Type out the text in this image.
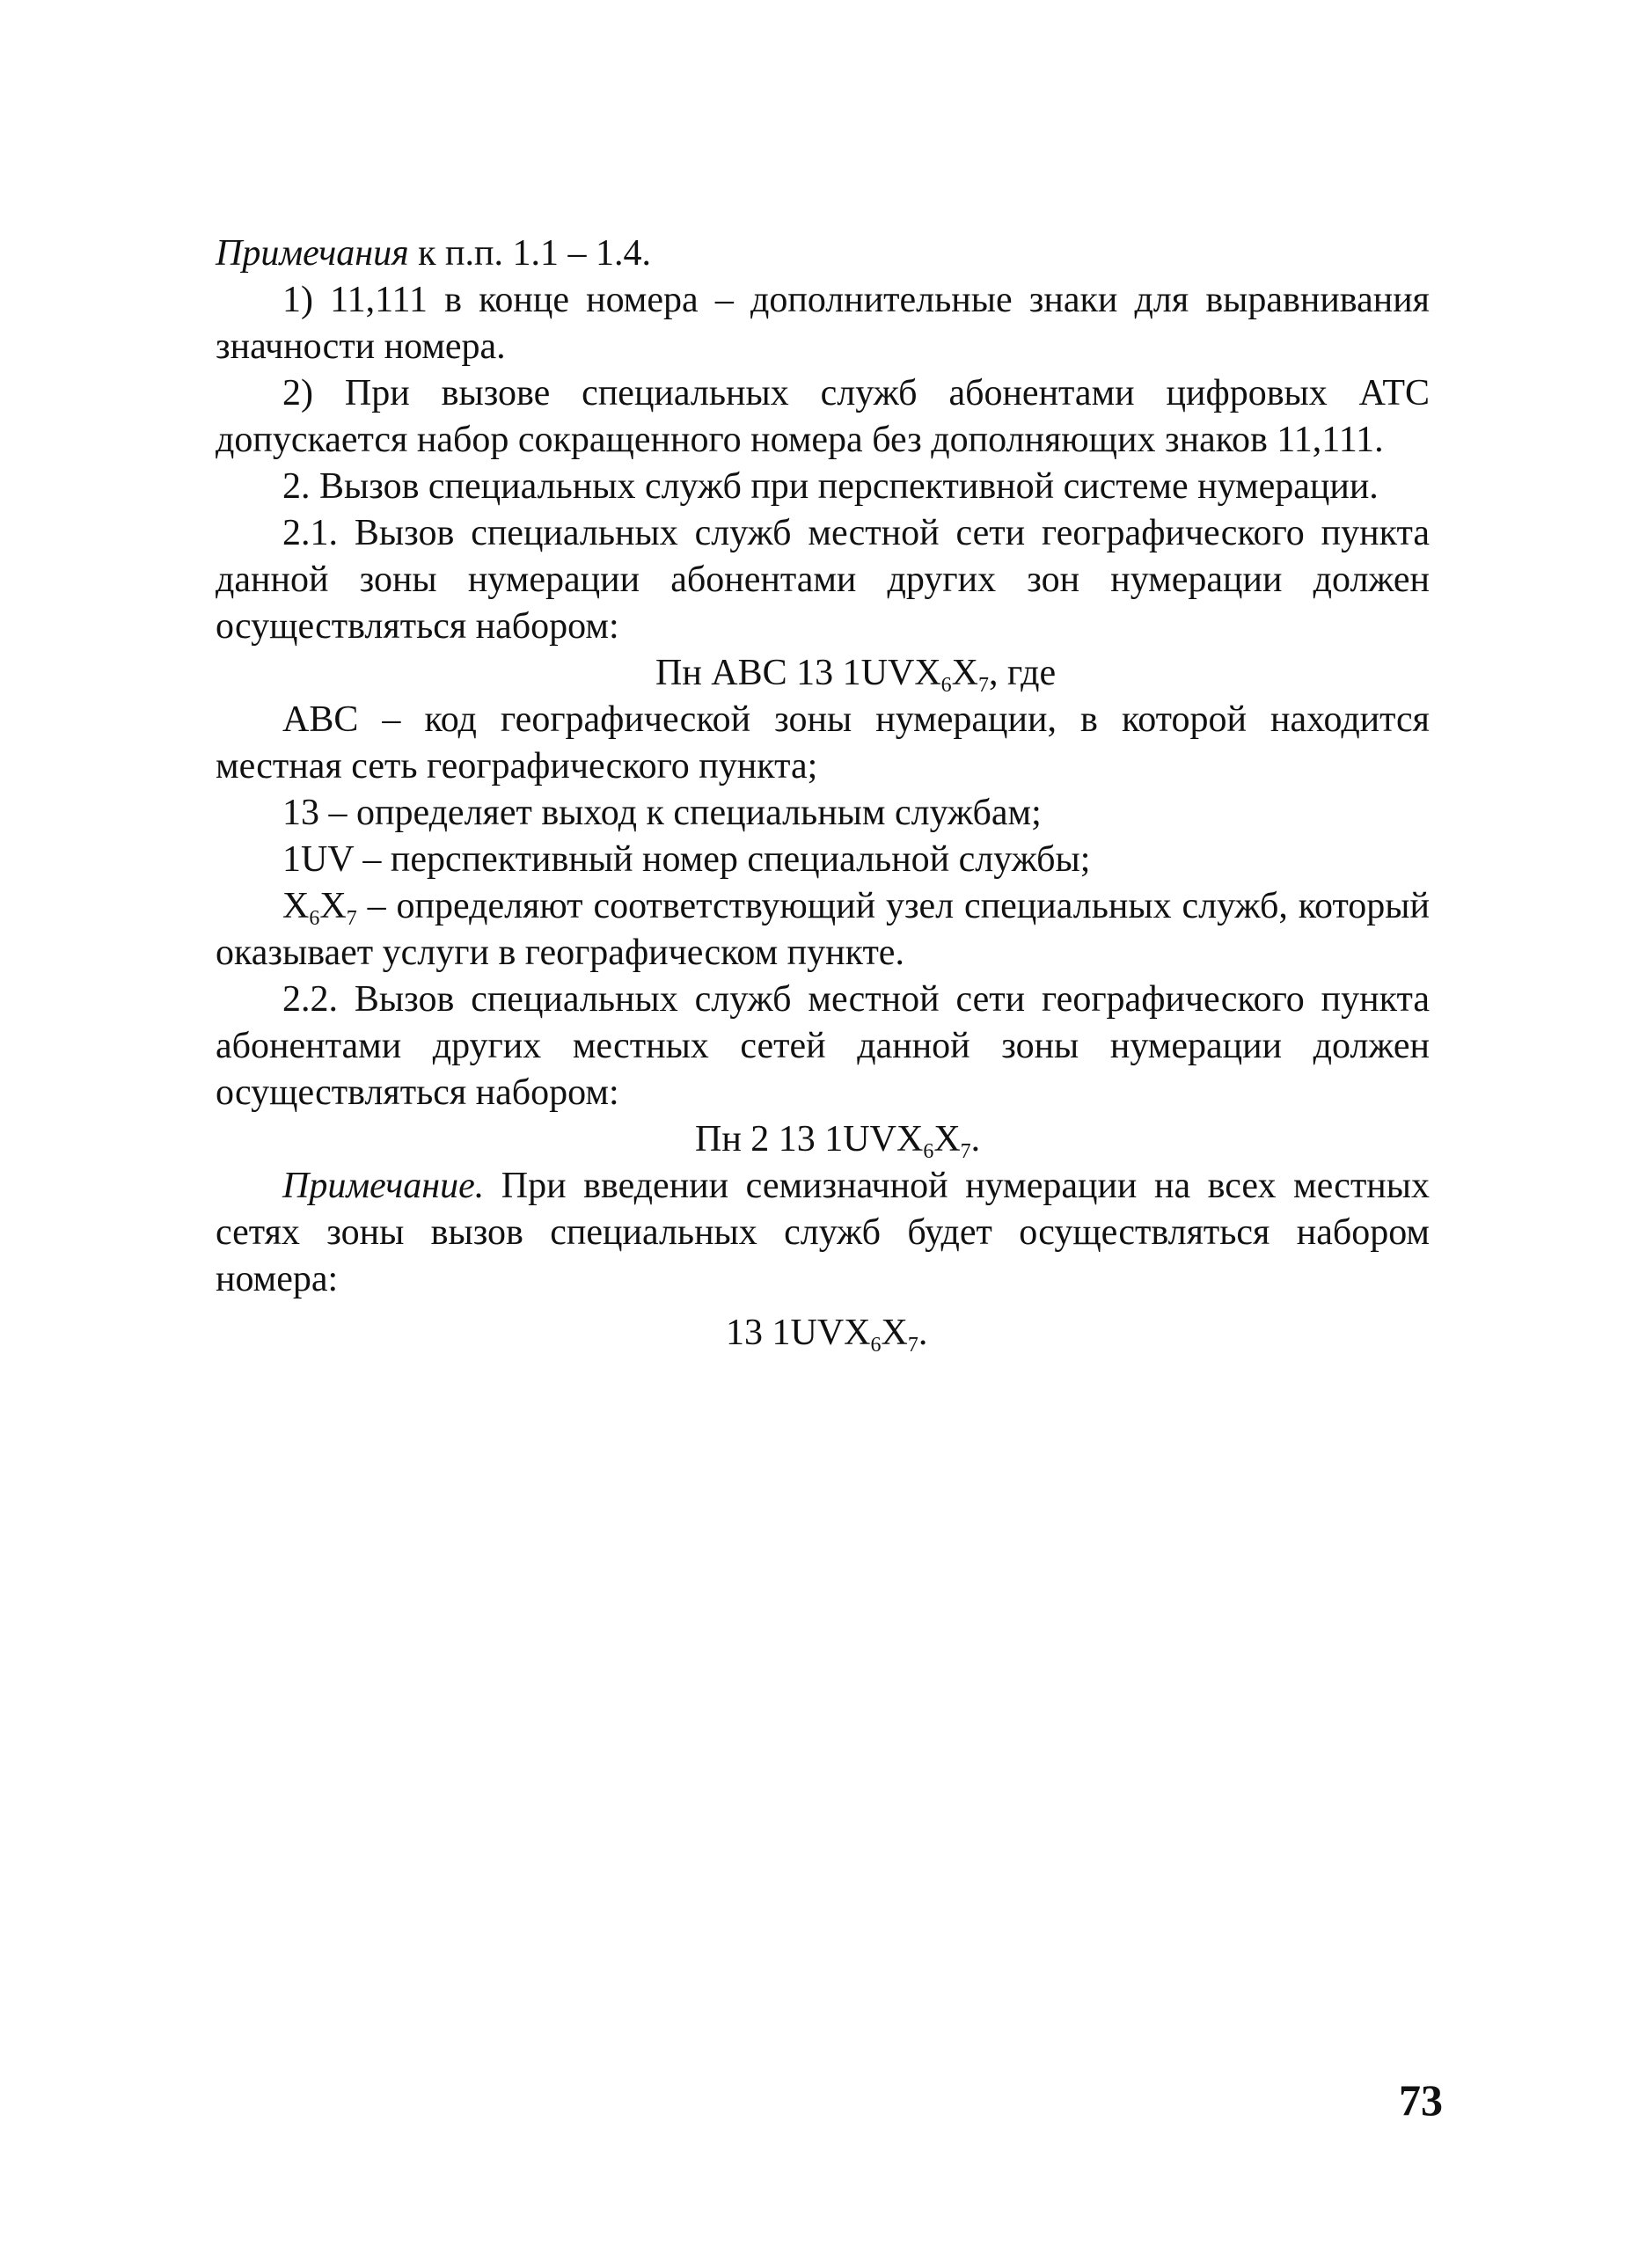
Примечания к п.п. 1.1 – 1.4.

1) 11,111 в конце номера – дополнительные знаки для выравнивания значности номера.

2) При вызове специальных служб абонентами цифровых АТС допускается набор сокращенного номера без дополняющих знаков 11,111.

2. Вызов специальных служб при перспективной системе нумерации.

2.1. Вызов специальных служб местной сети географического пункта данной зоны нумерации абонентами других зон нумерации должен осуществляться набором:

Пн АВС 13 $1UVX_6X_7$, где

АВС – код географической зоны нумерации, в которой находится местная сеть географического пункта;

13 – определяет выход к специальным службам;

1UV – перспективный номер специальной службы;

$X_6X_7$ – определяют соответствующий узел специальных служб, который оказывает услуги в географическом пункте.

2.2. Вызов специальных служб местной сети географического пункта абонентами других местных сетей данной зоны нумерации должен осуществляться набором:

Пн 2 13 $1UVX_6X_7$.

Примечание. При введении семизначной нумерации на всех местных сетях зоны вызов специальных служб будет осуществляться набором номера:

13 $1UVX_6X_7$.

73
